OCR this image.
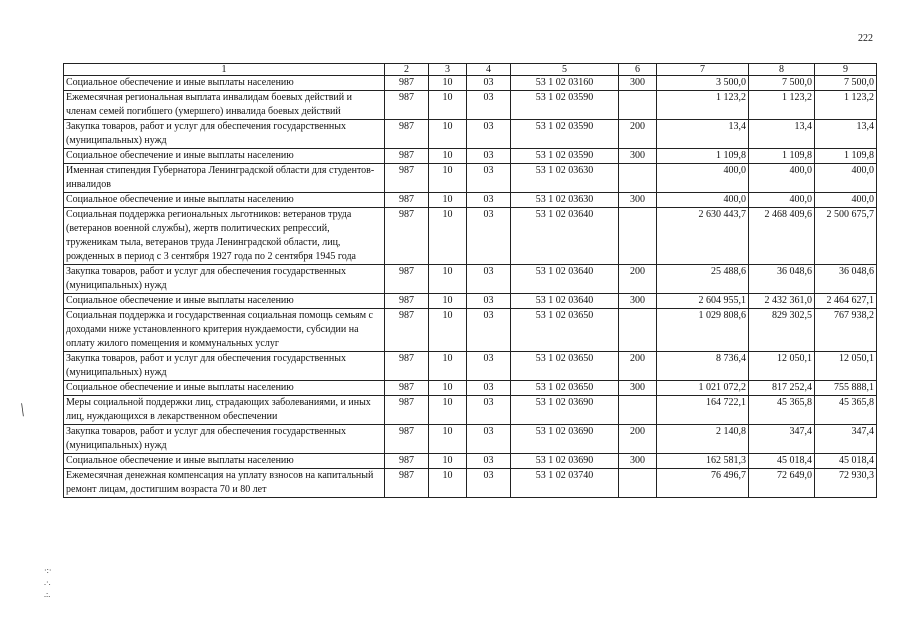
222
1	2	3	4	5	6	7	8	9
Социальное обеспечение и иные выплаты населению	987	10	03	53 1 02 03160	300	3 500,0	7 500,0	7 500,0
Ежемесячная региональная выплата инвалидам боевых действий и членам семей погибшего (умершего) инвалида боевых действий	987	10	03	53 1 02 03590		1 123,2	1 123,2	1 123,2
Закупка товаров, работ и услуг для обеспечения государственных (муниципальных) нужд	987	10	03	53 1 02 03590	200	13,4	13,4	13,4
Социальное обеспечение и иные выплаты населению	987	10	03	53 1 02 03590	300	1 109,8	1 109,8	1 109,8
Именная стипендия Губернатора Ленинградской области для студентов-инвалидов	987	10	03	53 1 02 03630		400,0	400,0	400,0
Социальное обеспечение и иные выплаты населению	987	10	03	53 1 02 03630	300	400,0	400,0	400,0
Социальная поддержка региональных льготников: ветеранов труда (ветеранов военной службы), жертв политических репрессий, труженикам тыла, ветеранов труда Ленинградской области, лиц, рожденных в период с 3 сентября 1927 года по 2 сентября 1945 года	987	10	03	53 1 02 03640		2 630 443,7	2 468 409,6	2 500 675,7
Закупка товаров, работ и услуг для обеспечения государственных (муниципальных) нужд	987	10	03	53 1 02 03640	200	25 488,6	36 048,6	36 048,6
Социальное обеспечение и иные выплаты населению	987	10	03	53 1 02 03640	300	2 604 955,1	2 432 361,0	2 464 627,1
Социальная поддержка и государственная социальная помощь семьям с доходами ниже установленного критерия нуждаемости, субсидии на оплату жилого помещения и коммунальных услуг	987	10	03	53 1 02 03650		1 029 808,6	829 302,5	767 938,2
Закупка товаров, работ и услуг для обеспечения государственных (муниципальных) нужд	987	10	03	53 1 02 03650	200	8 736,4	12 050,1	12 050,1
Социальное обеспечение и иные выплаты населению	987	10	03	53 1 02 03650	300	1 021 072,2	817 252,4	755 888,1
Меры социальной поддержки лиц, страдающих заболеваниями, и иных лиц, нуждающихся в лекарственном обеспечении	987	10	03	53 1 02 03690		164 722,1	45 365,8	45 365,8
Закупка товаров, работ и услуг для обеспечения государственных (муниципальных) нужд	987	10	03	53 1 02 03690	200	2 140,8	347,4	347,4
Социальное обеспечение и иные выплаты населению	987	10	03	53 1 02 03690	300	162 581,3	45 018,4	45 018,4
Ежемесячная денежная компенсация на уплату взносов на капитальный ремонт лицам, достигшим возраста 70 и 80 лет	987	10	03	53 1 02 03740		76 496,7	72 649,0	72 930,3
╱
·:·
.·.
.:.
